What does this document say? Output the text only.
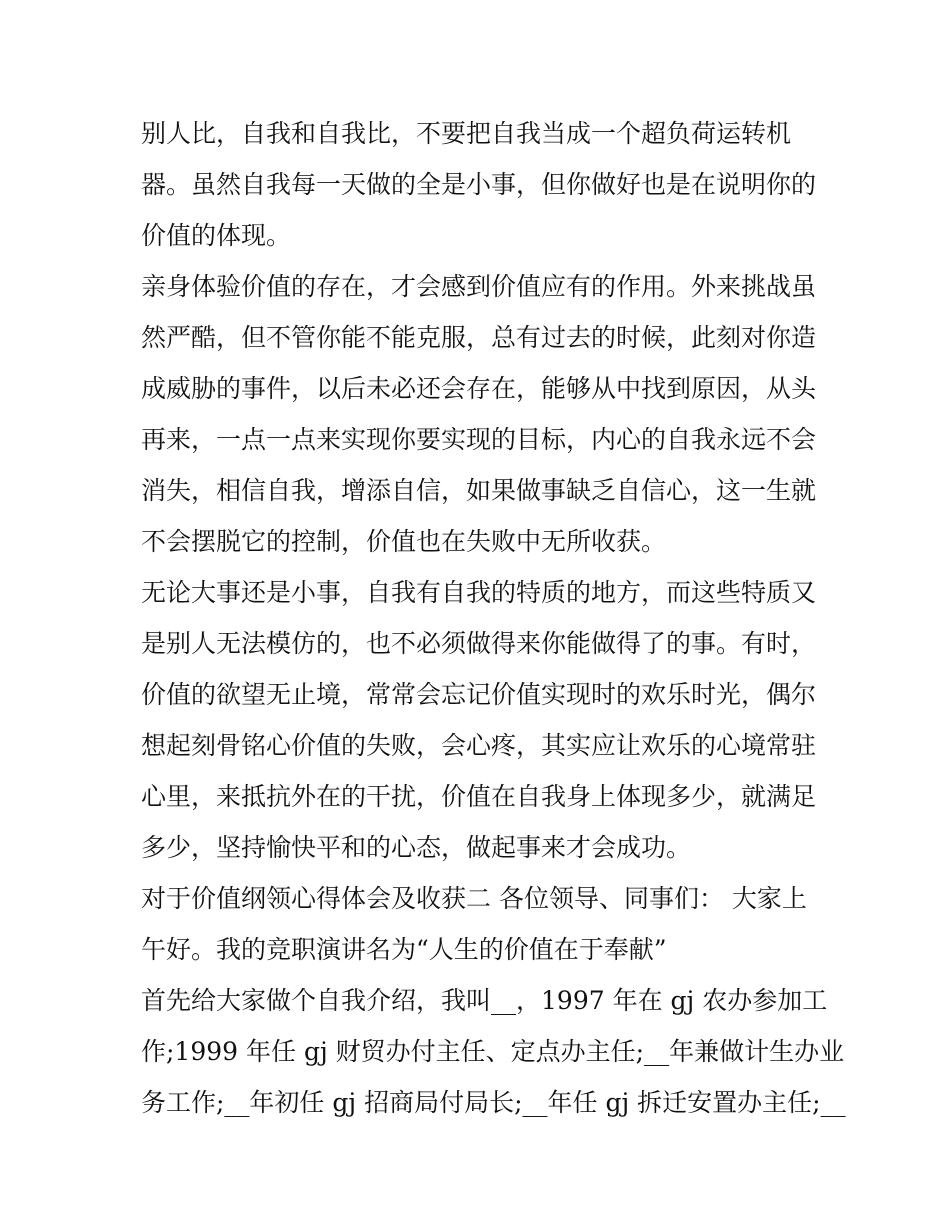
别人比，自我和自我比，不要把自我当成一个超负荷运转机
器。虽然自我每一天做的全是小事，但你做好也是在说明你的
价值的体现。
亲身体验价值的存在，才会感到价值应有的作用。外来挑战虽
然严酷，但不管你能不能克服，总有过去的时候，此刻对你造
成威胁的事件，以后未必还会存在，能够从中找到原因，从头
再来，一点一点来实现你要实现的目标，内心的自我永远不会
消失，相信自我，增添自信，如果做事缺乏自信心，这一生就
不会摆脱它的控制，价值也在失败中无所收获。
无论大事还是小事，自我有自我的特质的地方，而这些特质又
是别人无法模仿的，也不必须做得来你能做得了的事。有时，
价值的欲望无止境，常常会忘记价值实现时的欢乐时光，偶尔
想起刻骨铭心价值的失败，会心疼，其实应让欢乐的心境常驻
心里，来抵抗外在的干扰，价值在自我身上体现多少，就满足
多少，坚持愉快平和的心态，做起事来才会成功。
对于价值纲领心得体会及收获二 各位领导、同事们： 大家上
午好。我的竞职演讲名为“人生的价值在于奉献”
首先给大家做个自我介绍，我叫__，1997 年在 gj 农办参加工
作;1999 年任 gj 财贸办付主任、定点办主任;__年兼做计生办业
务工作;__年初任 gj 招商局付局长;__年任 gj 拆迁安置办主任;__
